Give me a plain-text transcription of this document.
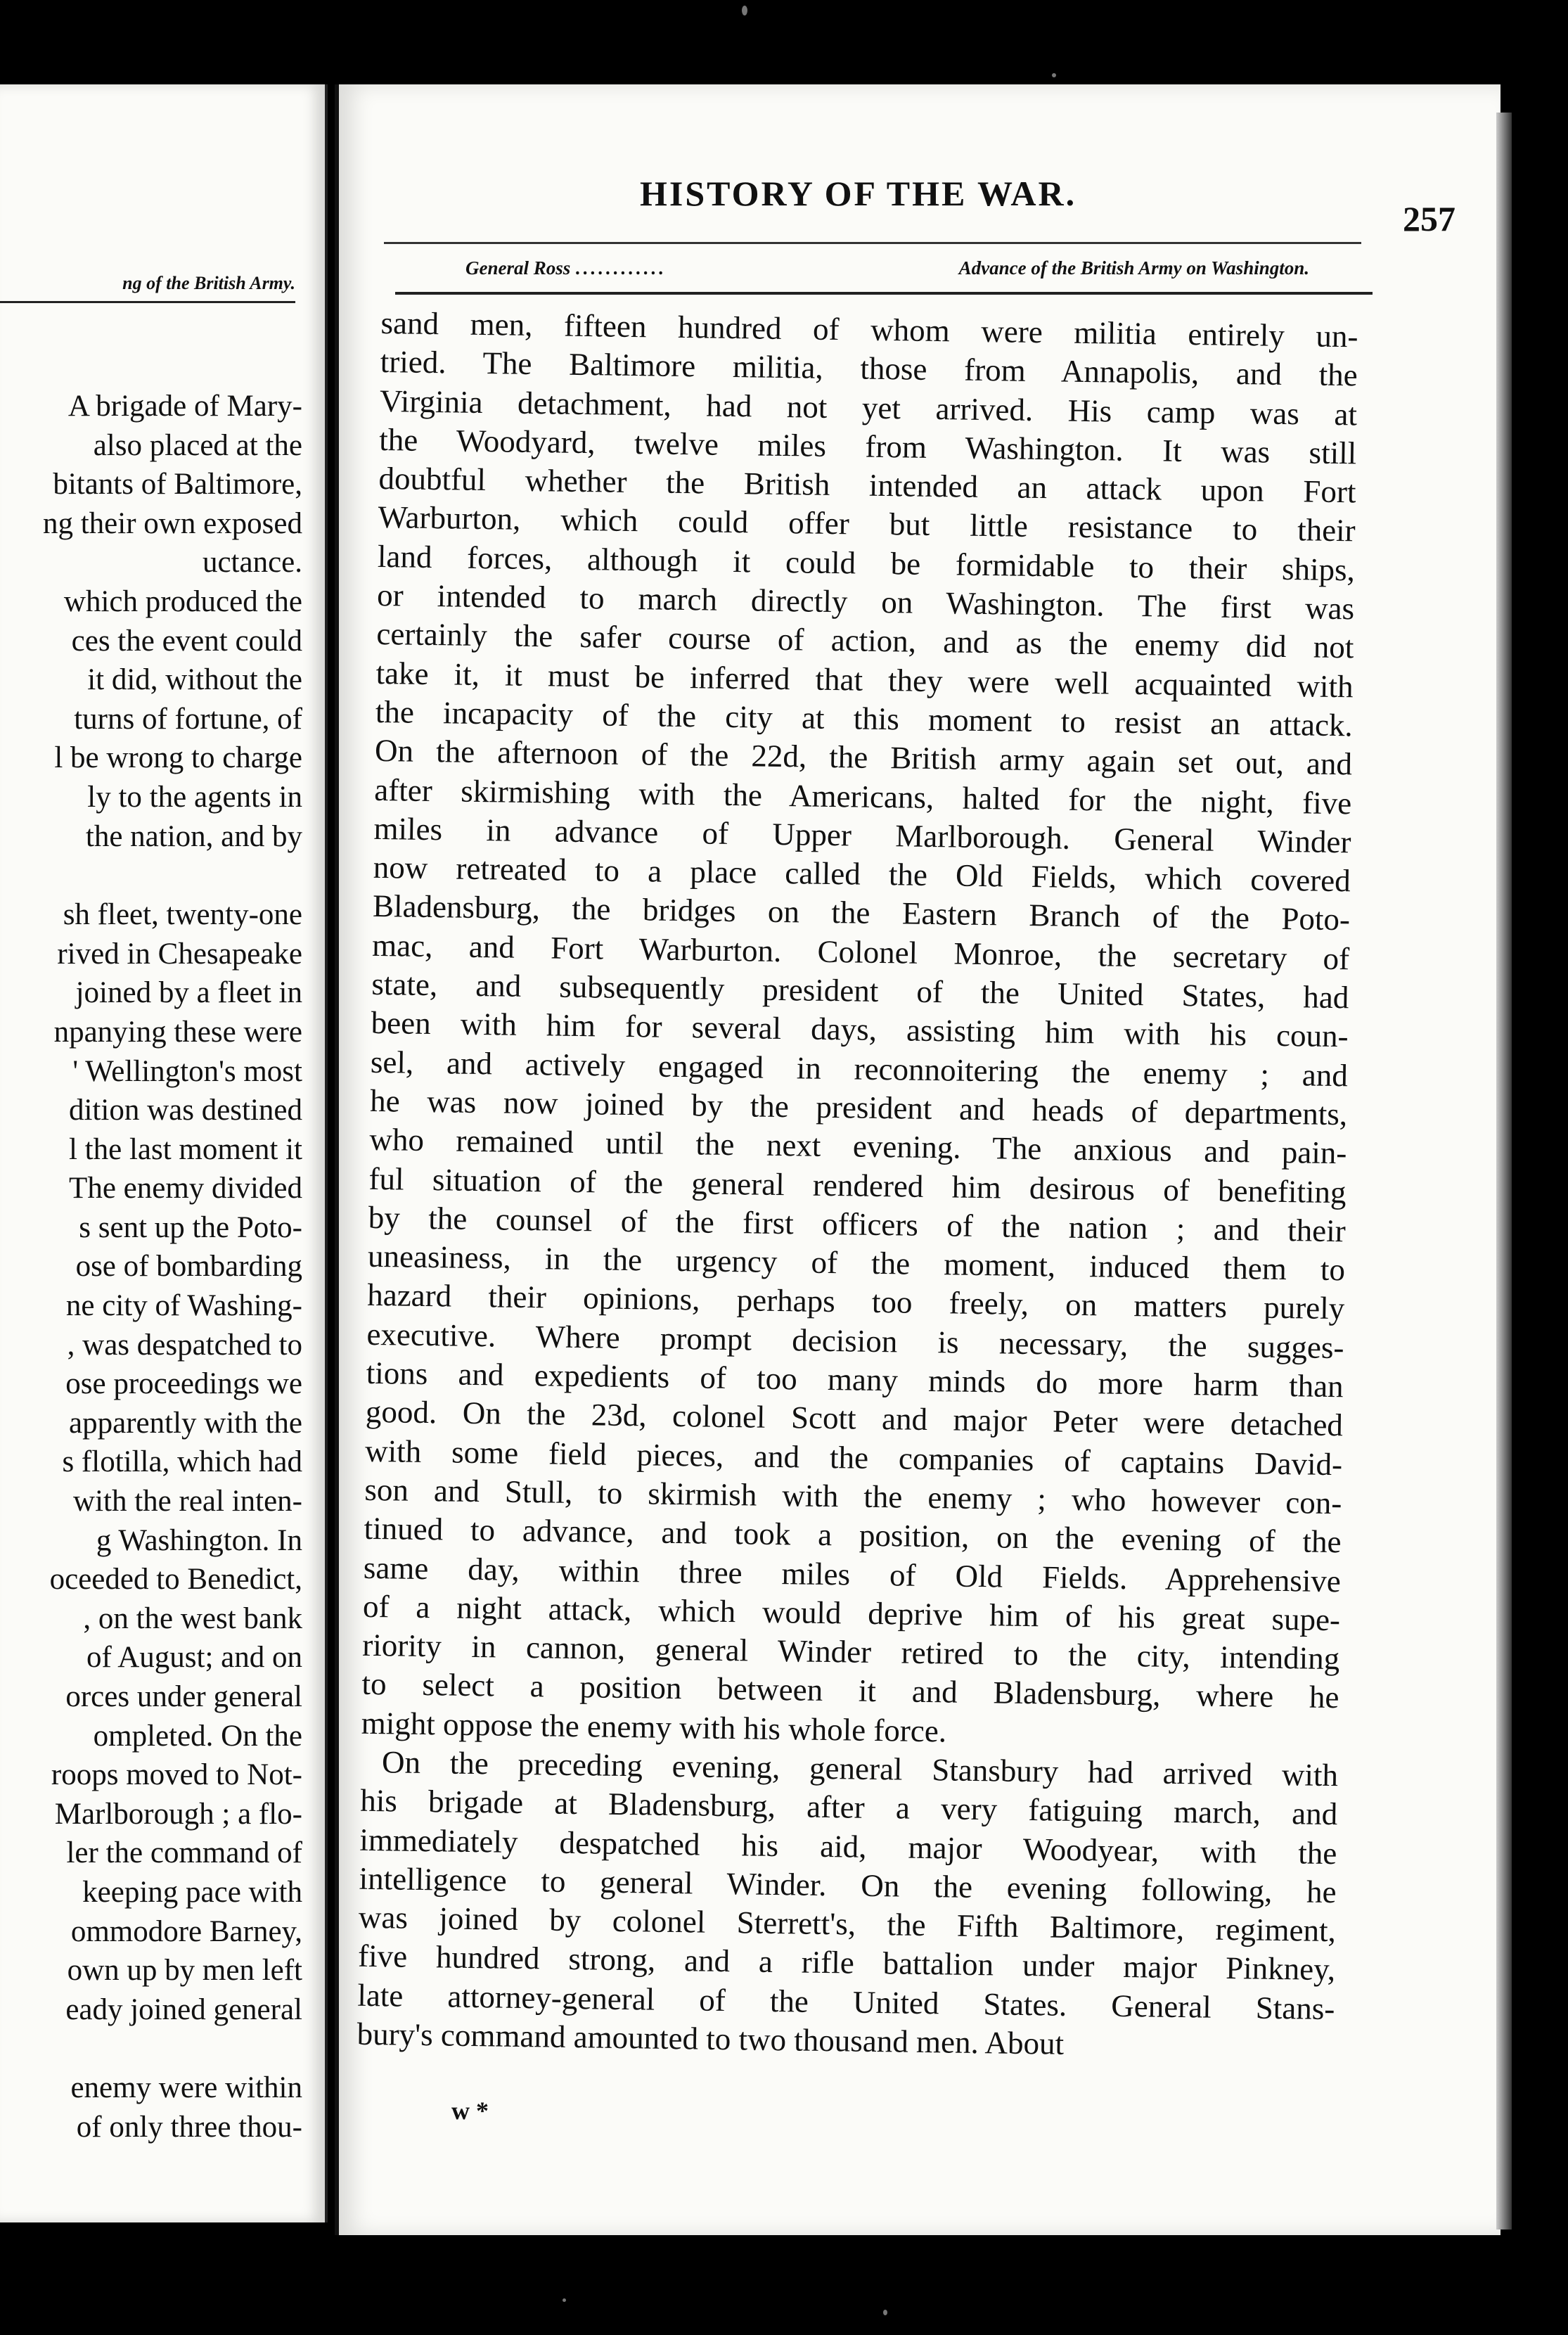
ng of the British Army.
A brigade of Mary-
also placed at the
bitants of Baltimore,
ng their own exposed
uctance.
which produced the
ces the event could
it did, without the
turns of fortune, of
l be wrong to charge
ly to the agents in
the nation, and by
sh fleet, twenty-one
rived in Chesapeake
joined by a fleet in
npanying these were
' Wellington's most
dition was destined
l the last moment it
The enemy divided
s sent up the Poto-
ose of bombarding
ne city of Washing-
, was despatched to
ose proceedings we
apparently with the
s flotilla, which had
with the real inten-
g Washington. In
oceeded to Benedict,
, on the west bank
of August; and on
orces under general
ompleted. On the
roops moved to Not-
Marlborough ; a flo-
ler the command of
keeping pace with
ommodore Barney,
own up by men left
eady joined general
enemy were within
of only three thou-
HISTORY OF THE WAR.
257
General Ross ............	Advance of the British Army on Washington.
sand men, fifteen hundred of whom were militia entirely un-
tried. The Baltimore militia, those from Annapolis, and the
Virginia detachment, had not yet arrived. His camp was at
the Woodyard, twelve miles from Washington. It was still
doubtful whether the British intended an attack upon Fort
Warburton, which could offer but little resistance to their
land forces, although it could be formidable to their ships,
or intended to march directly on Washington. The first was
certainly the safer course of action, and as the enemy did not
take it, it must be inferred that they were well acquainted with
the incapacity of the city at this moment to resist an attack.
On the afternoon of the 22d, the British army again set out, and
after skirmishing with the Americans, halted for the night, five
miles in advance of Upper Marlborough. General Winder
now retreated to a place called the Old Fields, which covered
Bladensburg, the bridges on the Eastern Branch of the Poto-
mac, and Fort Warburton. Colonel Monroe, the secretary of
state, and subsequently president of the United States, had
been with him for several days, assisting him with his coun-
sel, and actively engaged in reconnoitering the enemy ; and
he was now joined by the president and heads of departments,
who remained until the next evening. The anxious and pain-
ful situation of the general rendered him desirous of benefiting
by the counsel of the first officers of the nation ; and their
uneasiness, in the urgency of the moment, induced them to
hazard their opinions, perhaps too freely, on matters purely
executive. Where prompt decision is necessary, the sugges-
tions and expedients of too many minds do more harm than
good. On the 23d, colonel Scott and major Peter were detached
with some field pieces, and the companies of captains David-
son and Stull, to skirmish with the enemy ; who however con-
tinued to advance, and took a position, on the evening of the
same day, within three miles of Old Fields. Apprehensive
of a night attack, which would deprive him of his great supe-
riority in cannon, general Winder retired to the city, intending
to select a position between it and Bladensburg, where he
might oppose the enemy with his whole force.
On the preceding evening, general Stansbury had arrived with
his brigade at Bladensburg, after a very fatiguing march, and
immediately despatched his aid, major Woodyear, with the
intelligence to general Winder. On the evening following, he
was joined by colonel Sterrett's, the Fifth Baltimore, regiment,
five hundred strong, and a rifle battalion under major Pinkney,
late attorney-general of the United States. General Stans-
bury's command amounted to two thousand men. About
w *
